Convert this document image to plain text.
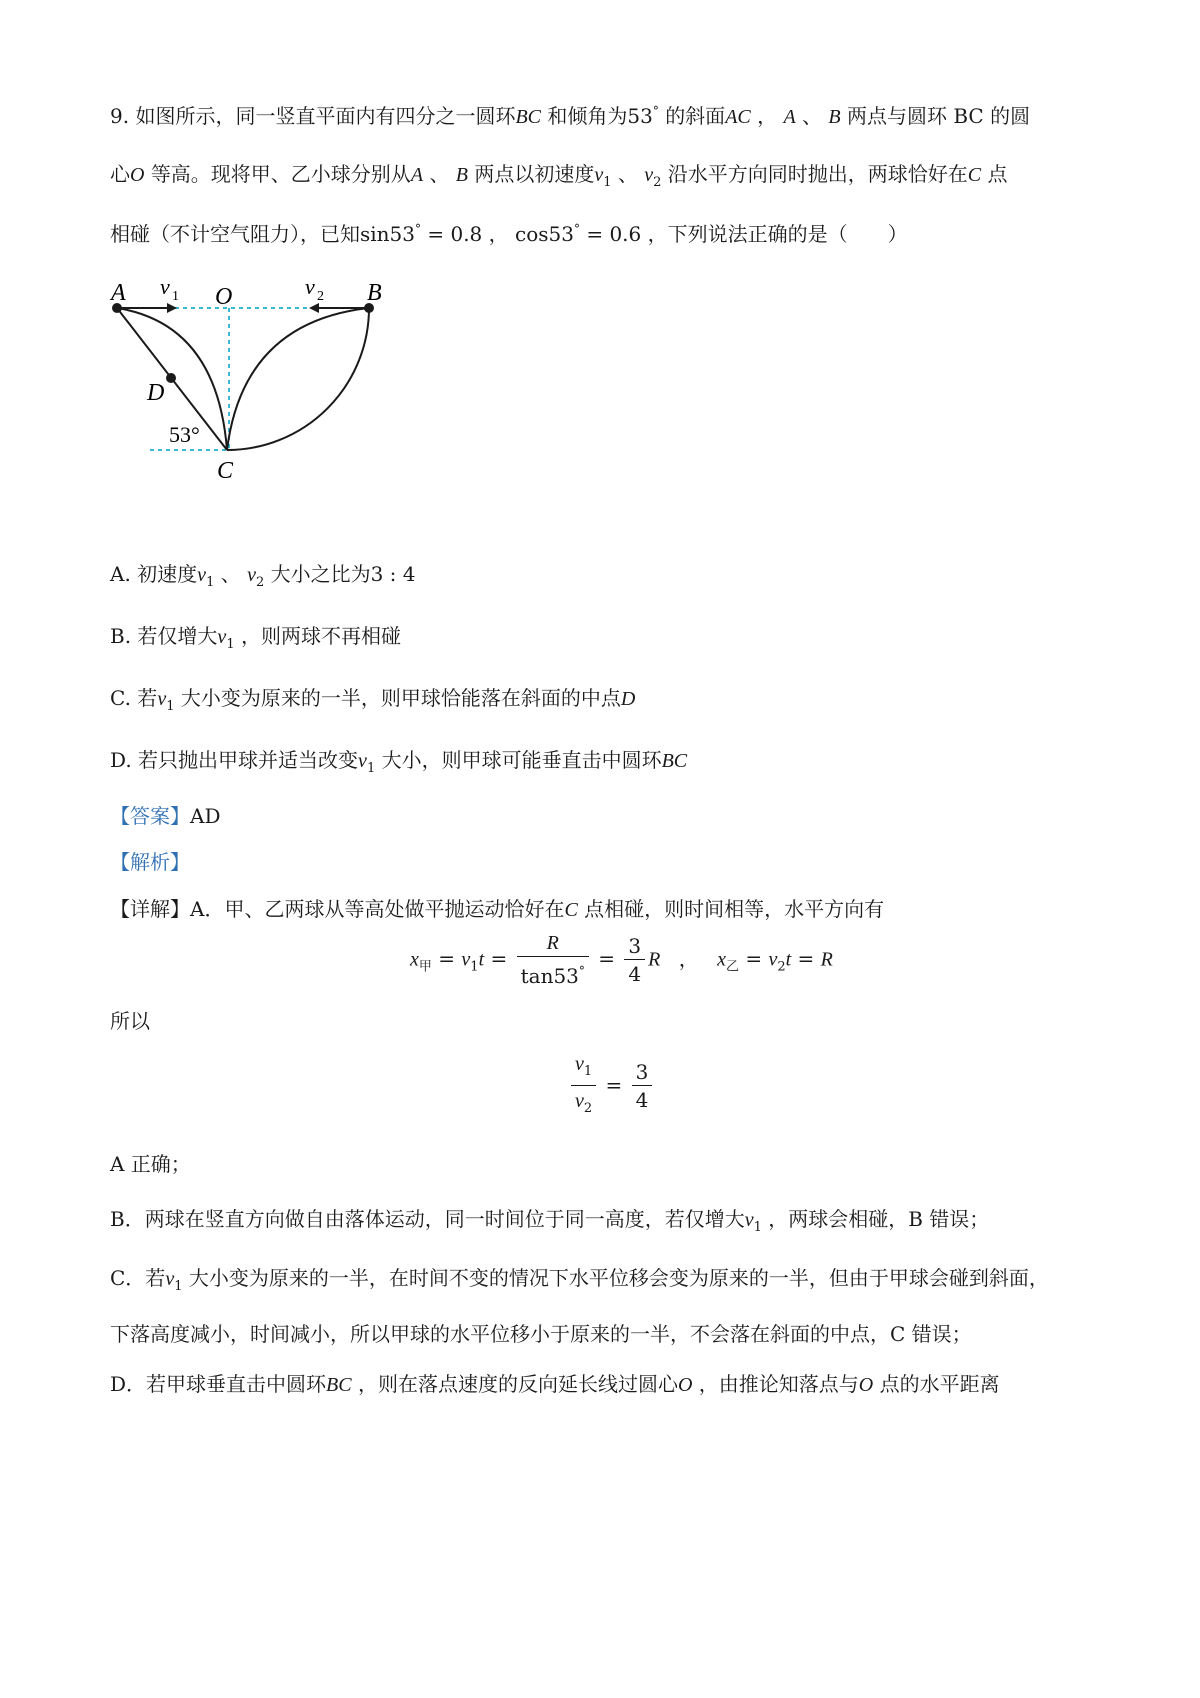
9. 如图所示，同一竖直平面内有四分之一圆环BC 和倾角为53° 的斜面AC ， A 、 B 两点与圆环 BC 的圆
心O 等高。现将甲、乙小球分别从A 、 B 两点以初速度$v_1$ 、 $v_2$ 沿水平方向同时抛出，两球恰好在C 点
相碰（不计空气阻力），已知sin53° = 0.8 ， cos53° = 0.6 ，下列说法正确的是（　　）
A v 1 O	v 2 B
D
53°
C
A. 初速度$v_1$ 、 $v_2$ 大小之比为3 : 4
B. 若仅增大$v_1$ ，则两球不再相碰
C. 若$v_1$ 大小变为原来的一半，则甲球恰能落在斜面的中点D
D. 若只抛出甲球并适当改变$v_1$ 大小，则甲球可能垂直击中圆环BC
【答案】AD
【解析】
【详解】A．甲、乙两球从等高处做平抛运动恰好在C 点相碰，则时间相等，水平方向有
$x_甲 = v_1t = \frac{R}{\tan 53^\circ} = \frac{3}{4}$ R ， $x_乙 = v_2t = R$
所以
$\frac{v_1}{v_2} = \frac{3}{4}$
A 正确；
B．两球在竖直方向做自由落体运动，同一时间位于同一高度，若仅增大$v_1$ ，两球会相碰，B 错误；
C．若$v_1$ 大小变为原来的一半，在时间不变的情况下水平位移会变为原来的一半，但由于甲球会碰到斜面，
下落高度减小，时间减小，所以甲球的水平位移小于原来的一半，不会落在斜面的中点，C 错误；
D．若甲球垂直击中圆环BC ，则在落点速度的反向延长线过圆心O ，由推论知落点与O 点的水平距离
